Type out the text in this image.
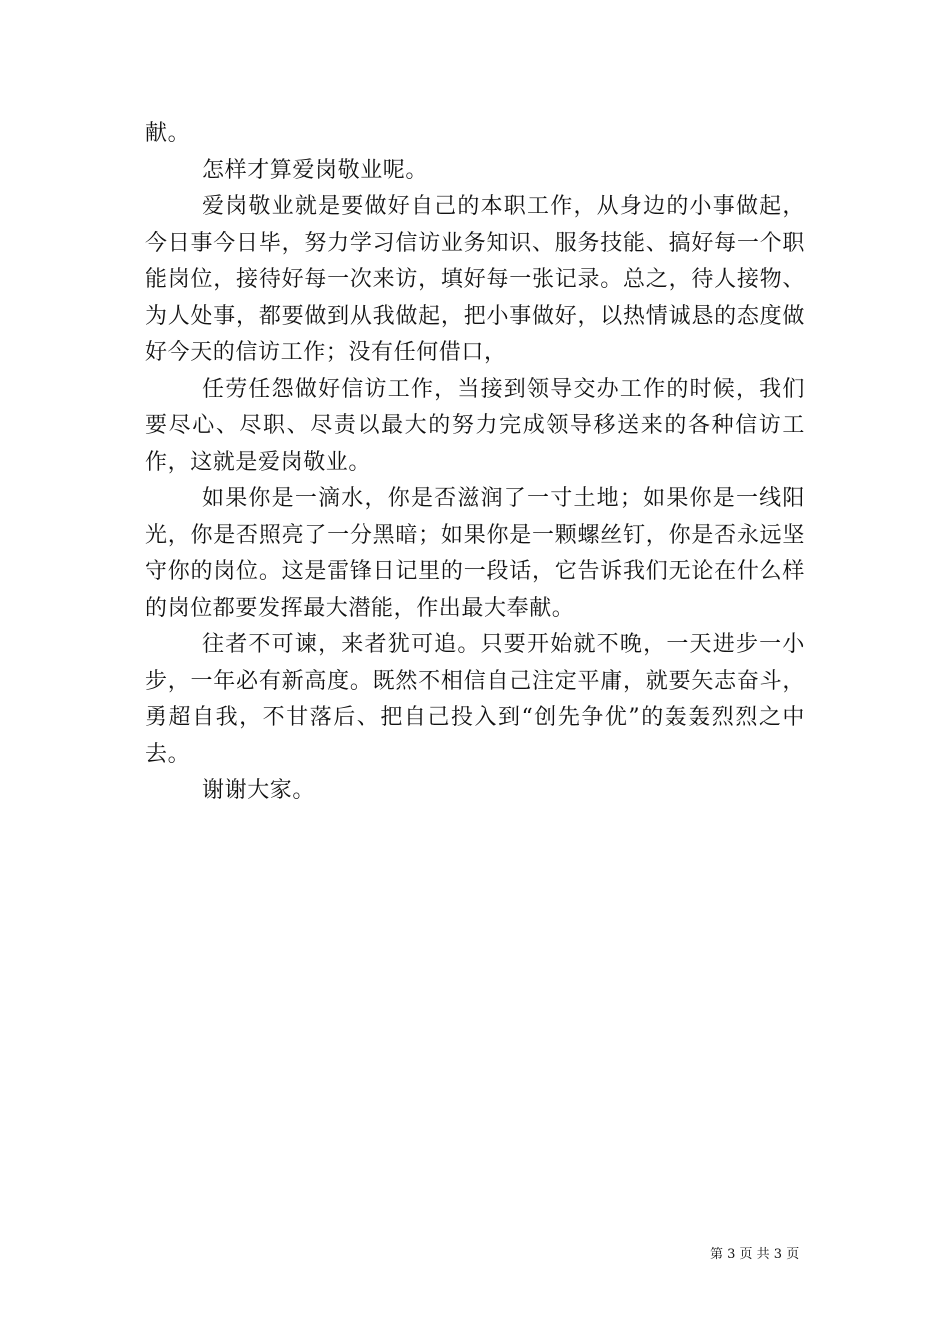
献。

怎样才算爱岗敬业呢。

爱岗敬业就是要做好自己的本职工作，从身边的小事做起，今日事今日毕，努力学习信访业务知识、服务技能、搞好每一个职能岗位，接待好每一次来访，填好每一张记录。总之，待人接物、为人处事，都要做到从我做起，把小事做好，以热情诚恳的态度做好今天的信访工作；没有任何借口，

任劳任怨做好信访工作，当接到领导交办工作的时候，我们要尽心、尽职、尽责以最大的努力完成领导移送来的各种信访工作，这就是爱岗敬业。

如果你是一滴水，你是否滋润了一寸土地；如果你是一线阳光，你是否照亮了一分黑暗；如果你是一颗螺丝钉，你是否永远坚守你的岗位。这是雷锋日记里的一段话，它告诉我们无论在什么样的岗位都要发挥最大潜能，作出最大奉献。

往者不可谏，来者犹可追。只要开始就不晚，一天进步一小步，一年必有新高度。既然不相信自己注定平庸，就要矢志奋斗，勇超自我，不甘落后、把自己投入到“创先争优”的轰轰烈烈之中去。

谢谢大家。

第 3 页 共 3 页
